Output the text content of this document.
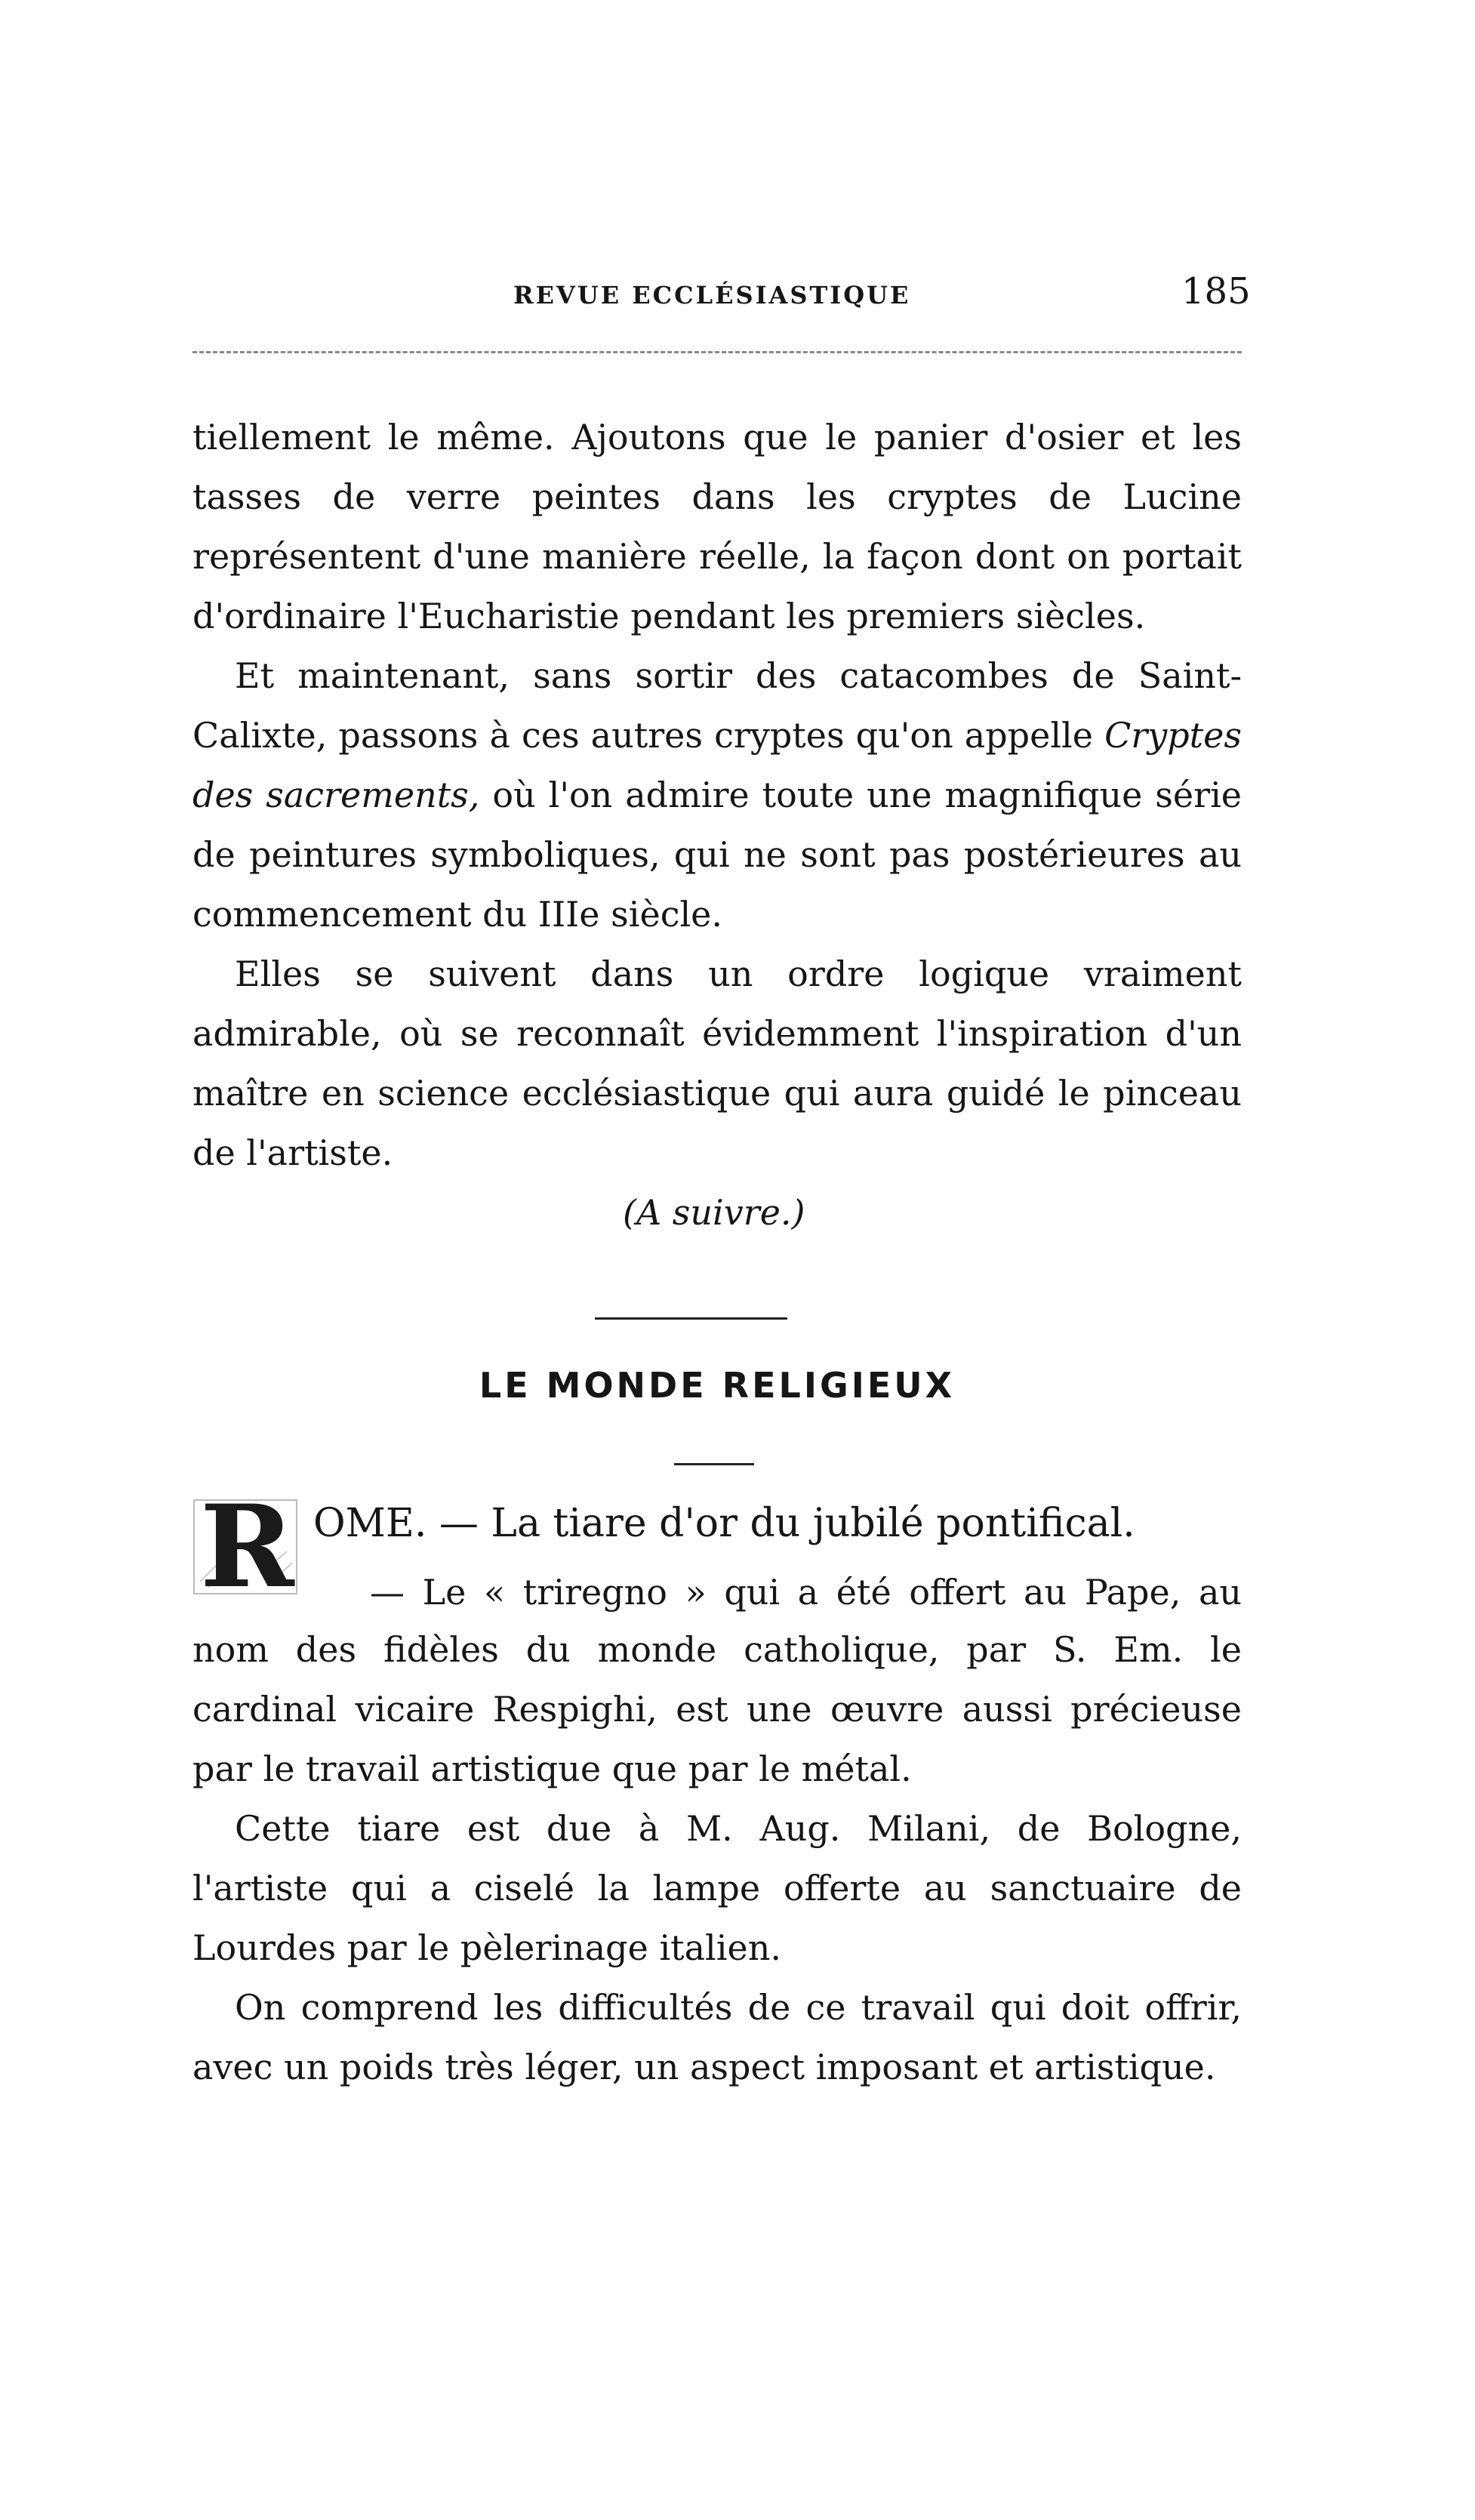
REVUE ECCLÉSIASTIQUE	185

tiellement le même. Ajoutons que le panier d'osier et les tasses de verre peintes dans les cryptes de Lucine représentent d'une manière réelle, la façon dont on portait d'ordinaire l'Eucharistie pendant les premiers siècles.

Et maintenant, sans sortir des catacombes de Saint-Calixte, passons à ces autres cryptes qu'on appelle Cryptes des sacrements, où l'on admire toute une magnifique série de peintures symboliques, qui ne sont pas postérieures au commencement du IIIe siècle.

Elles se suivent dans un ordre logique vraiment admirable, où se reconnaît évidemment l'inspiration d'un maître en science ecclésiastique qui aura guidé le pinceau de l'artiste.

(A suivre.)

LE MONDE RELIGIEUX
R OME. — La tiare d'or du jubilé pontifical.
— Le « triregno » qui a été offert au Pape, au

nom des fidèles du monde catholique, par S. Em. le cardinal vicaire Respighi, est une œuvre aussi précieuse par le travail artistique que par le métal.

Cette tiare est due à M. Aug. Milani, de Bologne, l'artiste qui a ciselé la lampe offerte au sanctuaire de Lourdes par le pèlerinage italien.

On comprend les difficultés de ce travail qui doit offrir, avec un poids très léger, un aspect imposant et artistique.
